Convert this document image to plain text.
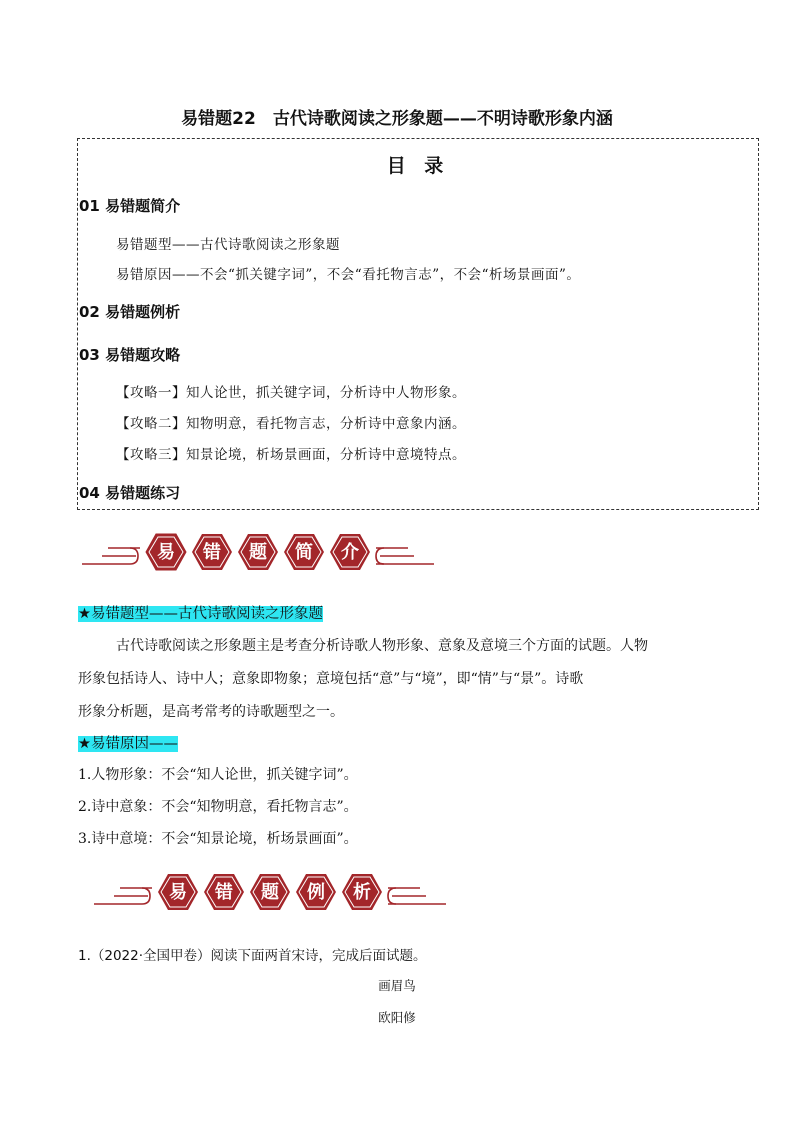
易错题22　古代诗歌阅读之形象题——不明诗歌形象内涵
目 录
01 易错题简介
易错题型——古代诗歌阅读之形象题
易错原因——不会“抓关键字词”，不会“看托物言志”，不会“析场景画面”。
02 易错题例析
03 易错题攻略
【攻略一】知人论世，抓关键字词，分析诗中人物形象。
【攻略二】知物明意，看托物言志，分析诗中意象内涵。
【攻略三】知景论境，析场景画面，分析诗中意境特点。
04 易错题练习
易 错 题 简 介
★易错题型——古代诗歌阅读之形象题
古代诗歌阅读之形象题主是考查分析诗歌人物形象、意象及意境三个方面的试题。人物
形象包括诗人、诗中人；意象即物象；意境包括“意”与“境”，即“情”与“景”。诗歌
形象分析题，是高考常考的诗歌题型之一。
★易错原因——
1.人物形象：不会“知人论世，抓关键字词”。
2.诗中意象：不会“知物明意，看托物言志”。
3.诗中意境：不会“知景论境，析场景画面”。
易 错 题 例 析
1.（2022·全国甲卷）阅读下面两首宋诗，完成后面试题。
画眉鸟
欧阳修
